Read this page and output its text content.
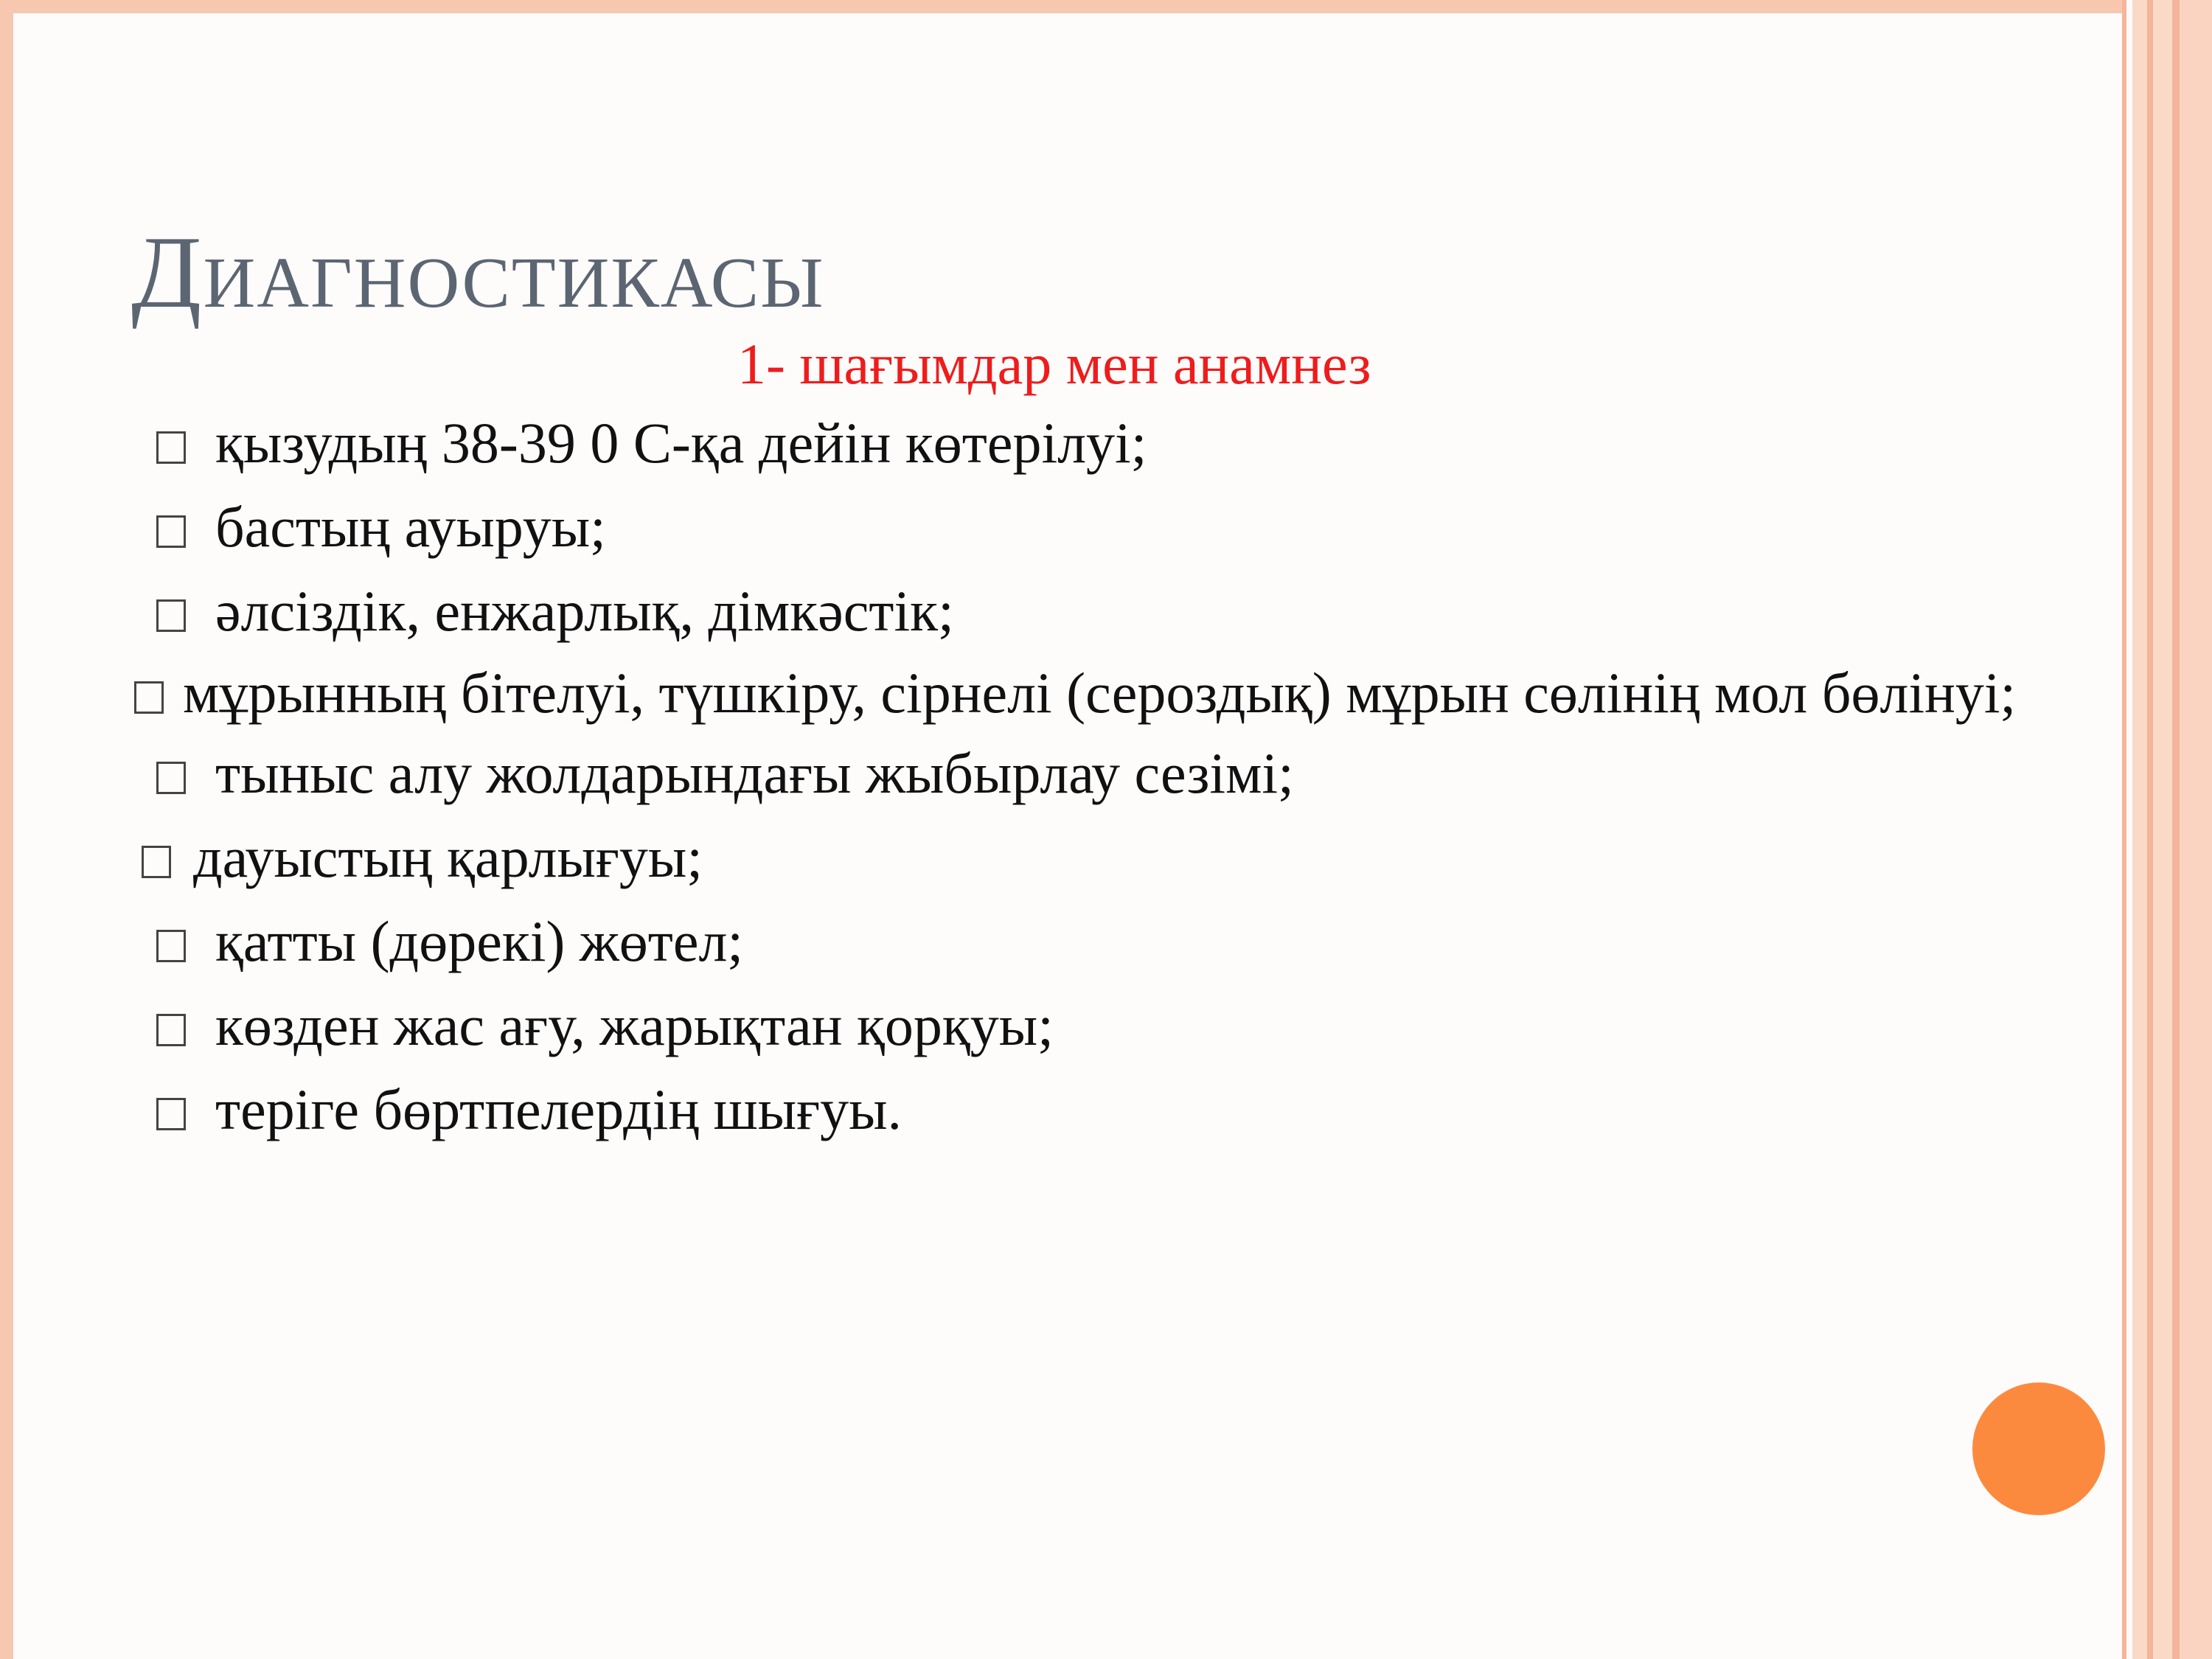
Диагностикасы
1- шағымдар мен анамнез
қызудың 38-39 0 С-қа дейін көтерілуі;
бастың ауыруы;
әлсіздік, енжарлық, дімкәстік;
мұрынның бітелуі, түшкіру, сірнелі (сероздық) мұрын сөлінің мол бөлінуі;
тыныс алу жолдарындағы жыбырлау сезімі;
дауыстың қарлығуы;
қатты (дөрекі) жөтел;
көзден жас ағу, жарықтан қорқуы;
теріге бөртпелердің шығуы.
